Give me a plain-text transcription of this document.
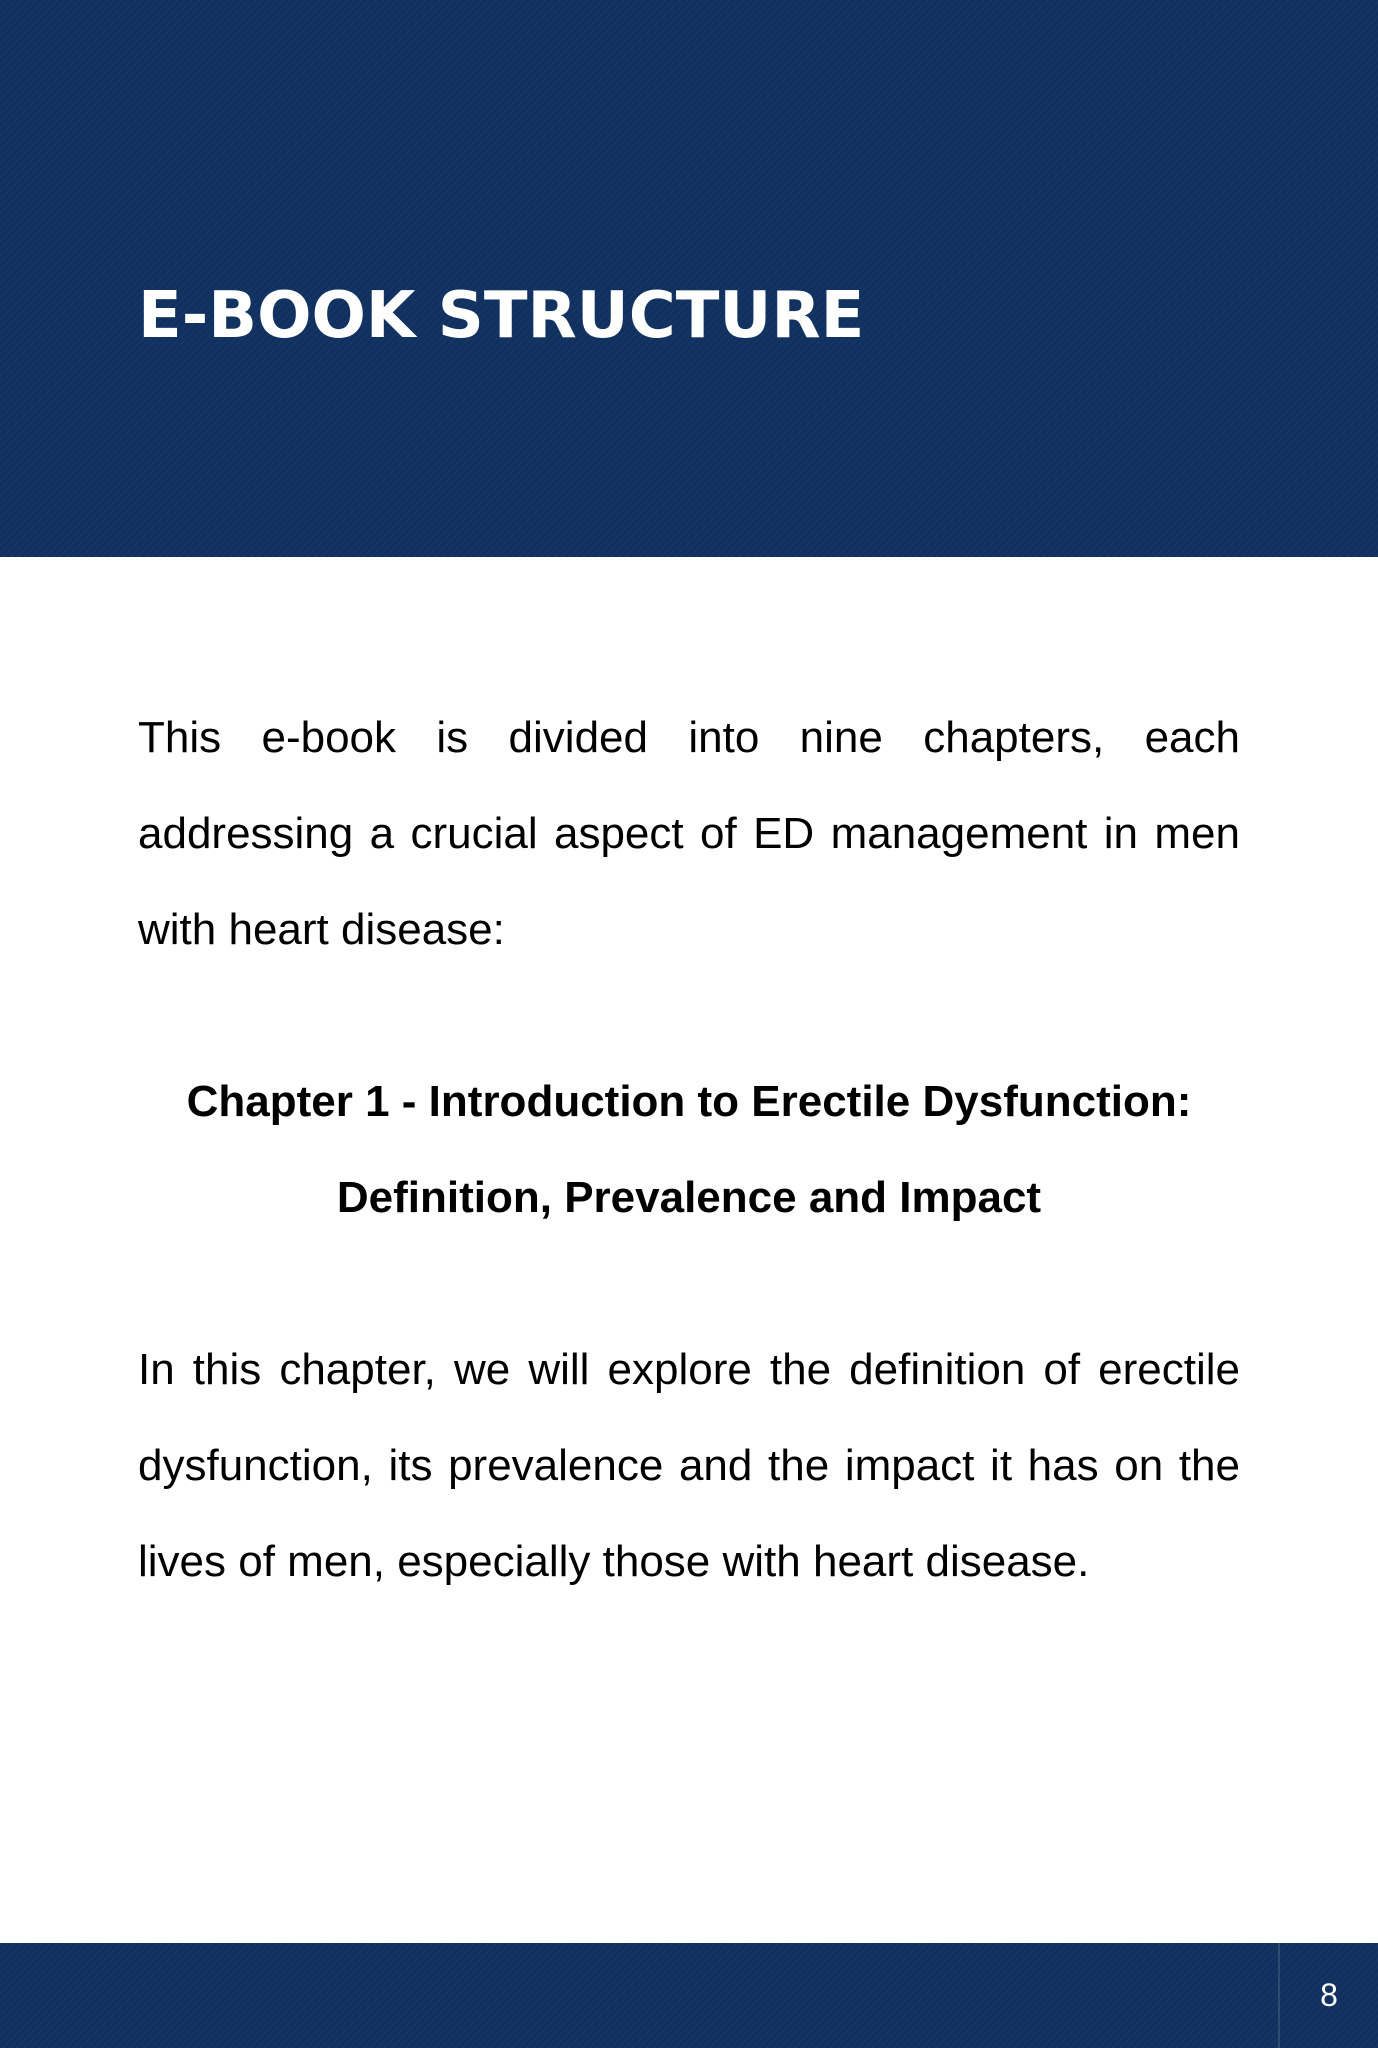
E-BOOK STRUCTURE

This e-book is divided into nine chapters, each addressing a crucial aspect of ED management in men with heart disease:

Chapter 1 - Introduction to Erectile Dysfunction:
Definition, Prevalence and Impact

In this chapter, we will explore the definition of erectile dysfunction, its prevalence and the impact it has on the lives of men, especially those with heart disease.

8
